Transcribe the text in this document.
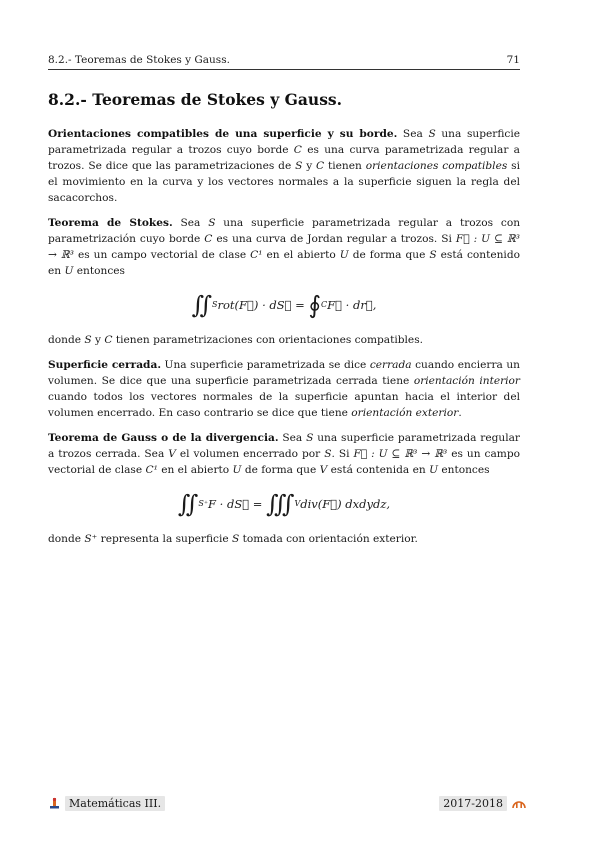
8.2.- Teoremas de Stokes y Gauss.	71
8.2.- Teoremas de Stokes y Gauss.

Orientaciones compatibles de una superficie y su borde. Sea S una superficie parametrizada regular a trozos cuyo borde C es una curva parametrizada regular a trozos. Se dice que las parametrizaciones de S y C tienen orientaciones compatibles si el movimiento en la curva y los vectores normales a la superficie siguen la regla del sacacorchos.

Teorema de Stokes. Sea S una superficie parametrizada regular a trozos con parametrización cuyo borde C es una curva de Jordan regular a trozos. Si F⃗ : U ⊆ ℝ³ → ℝ³ es un campo vectorial de clase C¹ en el abierto U de forma que S está contenido en U entonces

∬ S rot(F⃗) · dS⃗ = ∮ C F⃗ · dr⃗,

donde S y C tienen parametrizaciones con orientaciones compatibles.

Superficie cerrada. Una superficie parametrizada se dice cerrada cuando encierra un volumen. Se dice que una superficie parametrizada cerrada tiene orientación interior cuando todos los vectores normales de la superficie apuntan hacia el interior del volumen encerrado. En caso contrario se dice que tiene orientación exterior.

Teorema de Gauss o de la divergencia. Sea S una superficie parametrizada regular a trozos cerrada. Sea V el volumen encerrado por S. Si F⃗ : U ⊆ ℝ³ → ℝ³ es un campo vectorial de clase C¹ en el abierto U de forma que V está contenida en U entonces

∬ S⁺ F · dS⃗ = ∭ V div(F⃗) dxdydz,

donde S⁺ representa la superficie S tomada con orientación exterior.

Matemáticas III.	2017-2018
